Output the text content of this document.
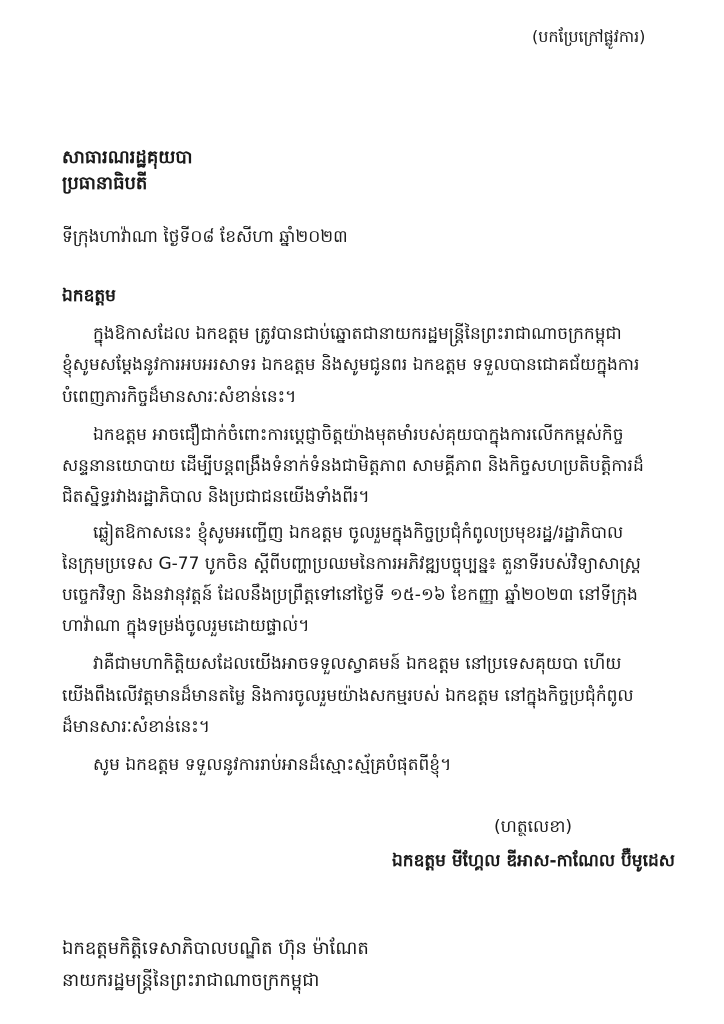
(បកប្រែក្រៅផ្លូវការ)
សាធារណរដ្ឋគុយបា
ប្រធានាធិបតី
ទីក្រុងហាវ៉ាណា ថ្ងៃទី០៨ ខែសីហា ឆ្នាំ២០២៣
ឯកឧត្តម
ក្នុងឱកាសដែល ឯកឧត្តម ត្រូវបានជាប់ឆ្នោតជានាយករដ្ឋមន្ត្រីនៃព្រះរាជាណាចក្រកម្ពុជា
ខ្ញុំសូមសម្តែងនូវការអបអរសាទរ ឯកឧត្តម និងសូមជូនពរ ឯកឧត្តម ទទួលបានជោគជ័យក្នុងការ
បំពេញភារកិច្ចដ៏មានសារៈសំខាន់នេះ។
ឯកឧត្តម អាចជឿជាក់ចំពោះការប្តេជ្ញាចិត្តយ៉ាងមុតមាំរបស់គុយបាក្នុងការលើកកម្ពស់កិច្ច
សន្ទនានយោបាយ ដើម្បីបន្តពង្រឹងទំនាក់ទំនងជាមិត្តភាព សាមគ្គីភាព និងកិច្ចសហប្រតិបត្តិការដ៏
ជិតស្និទ្ធរវាងរដ្ឋាភិបាល និងប្រជាជនយើងទាំងពីរ។
ឆ្លៀតឱកាសនេះ ខ្ញុំសូមអញ្ជើញ ឯកឧត្តម ចូលរួមក្នុងកិច្ចប្រជុំកំពូលប្រមុខរដ្ឋ/រដ្ឋាភិបាល
នៃក្រុមប្រទេស G-77 បូកចិន ស្តីពីបញ្ហាប្រឈមនៃការអភិវឌ្ឍបច្ចុប្បន្ន៖ តួនាទីរបស់វិទ្យាសាស្ត្រ
បច្ចេកវិទ្យា និងនវានុវត្តន៍ ដែលនឹងប្រព្រឹត្តទៅនៅថ្ងៃទី ១៥-១៦ ខែកញ្ញា ឆ្នាំ២០២៣ នៅទីក្រុង
ហាវ៉ាណា ក្នុងទម្រង់ចូលរួមដោយផ្ទាល់។
វាគឺជាមហាកិត្តិយសដែលយើងអាចទទួលស្វាគមន៍ ឯកឧត្តម នៅប្រទេសគុយបា ហើយ
យើងពឹងលើវត្តមានដ៏មានតម្លៃ និងការចូលរួមយ៉ាងសកម្មរបស់ ឯកឧត្តម នៅក្នុងកិច្ចប្រជុំកំពូល
ដ៏មានសារៈសំខាន់នេះ។
សូម ឯកឧត្តម ទទួលនូវការរាប់អានដ៏ស្មោះស្ម័គ្របំផុតពីខ្ញុំ។
(ហត្ថលេខា)
ឯកឧត្តម មីហ្គែល ឌីអាស-កាណែល ប៊ឺមូដេស
ឯកឧត្តមកិត្តិទេសាភិបាលបណ្ឌិត ហ៊ុន ម៉ាណែត
នាយករដ្ឋមន្ត្រីនៃព្រះរាជាណាចក្រកម្ពុជា
